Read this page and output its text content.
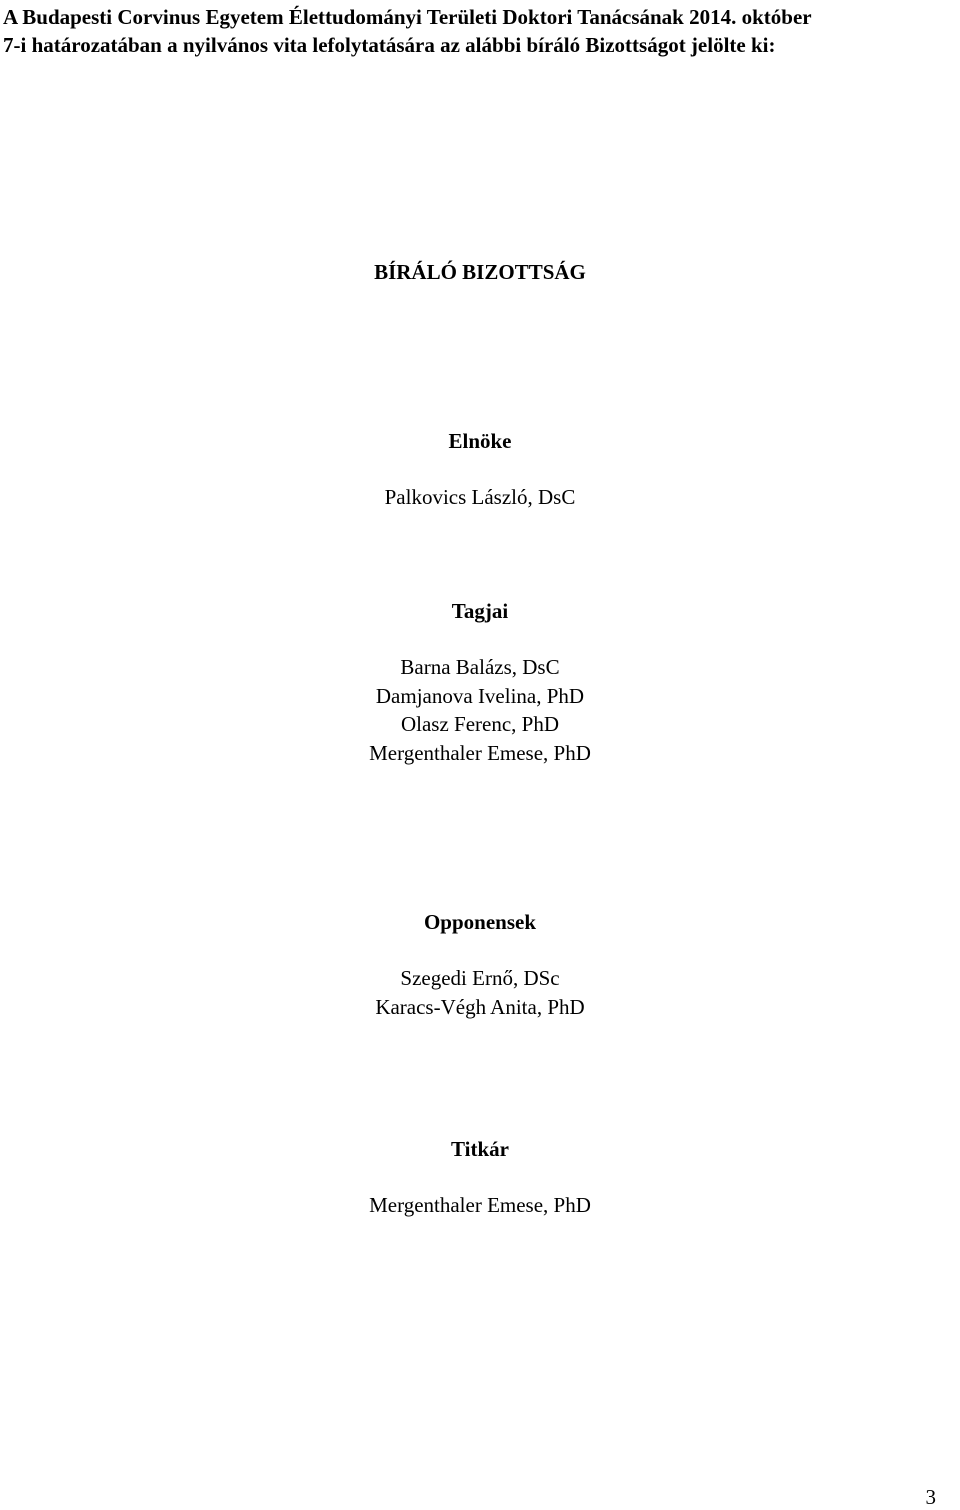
A Budapesti Corvinus Egyetem Élettudományi Területi Doktori Tanácsának 2014. október
7-i határozatában a nyilvános vita lefolytatására az alábbi bíráló Bizottságot jelölte ki:

BÍRÁLÓ BIZOTTSÁG
Elnöke

Palkovics László, DsC

Tagjai
Barna Balázs, DsC
Damjanova Ivelina, PhD
Olasz Ferenc, PhD
Mergenthaler Emese, PhD
Opponensek
Szegedi Ernő, DSc
Karacs-Végh Anita, PhD
Titkár

Mergenthaler Emese, PhD

3
